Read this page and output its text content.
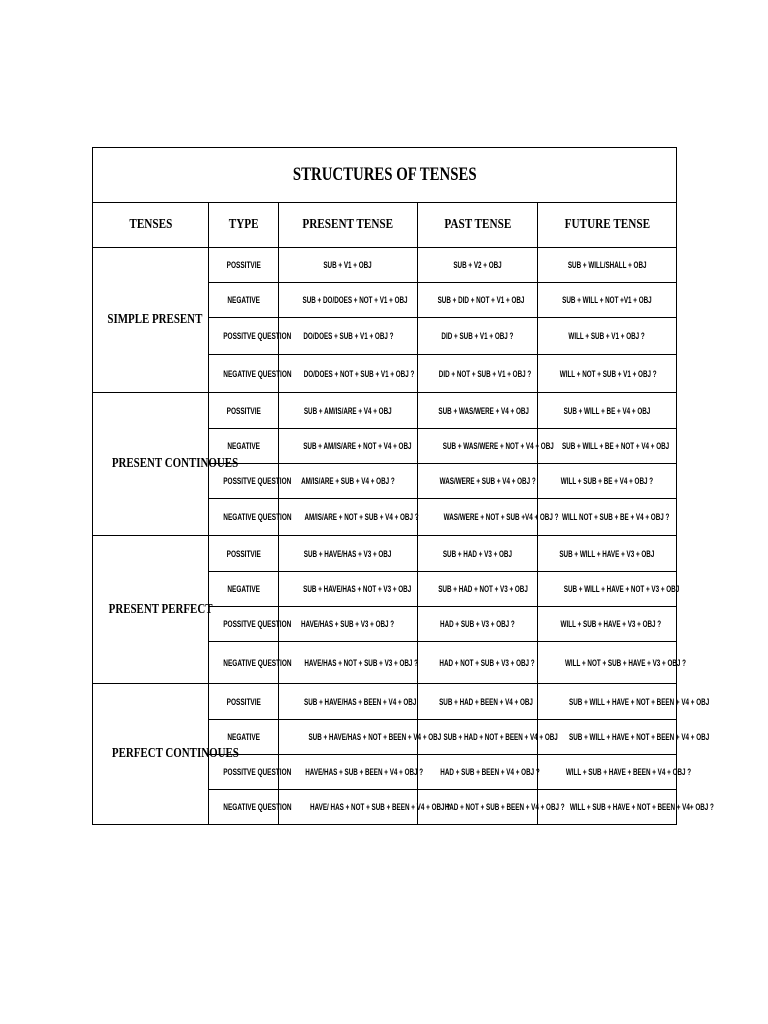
STRUCTURES OF TENSES				
TENSES	TYPE	PRESENT TENSE	PAST TENSE	FUTURE TENSE
SIMPLE PRESENT	POSSITVIE	SUB + V1 + OBJ	SUB + V2 + OBJ	SUB + WILL/SHALL + OBJ
	NEGATIVE	SUB + DO/DOES + NOT + V1 + OBJ	SUB + DID + NOT + V1 + OBJ	SUB + WILL + NOT +V1 + OBJ
	POSSITVE QUESTION	DO/DOES + SUB + V1 + OBJ ?	DID + SUB + V1 + OBJ ?	WILL + SUB + V1 + OBJ ?
	NEGATIVE QUESTION	DO/DOES + NOT + SUB + V1 + OBJ ?	DID + NOT + SUB + V1 + OBJ ?	WILL + NOT + SUB + V1 + OBJ ?
PRESENT CONTINOUES	POSSITVIE	SUB + AM/IS/ARE + V4 + OBJ	SUB + WAS/WERE + V4 + OBJ	SUB + WILL + BE + V4 + OBJ
	NEGATIVE	SUB + AM/IS/ARE + NOT + V4 + OBJ	SUB + WAS/WERE + NOT + V4 + OBJ	SUB + WILL + BE + NOT + V4 + OBJ
	POSSITVE QUESTION	AM/IS/ARE + SUB + V4 + OBJ ?	WAS/WERE + SUB + V4 + OBJ ?	WILL + SUB + BE + V4 + OBJ ?
	NEGATIVE QUESTION	AM/IS/ARE + NOT + SUB + V4 + OBJ ?	WAS/WERE + NOT + SUB +V4 + OBJ ?	WILL NOT + SUB + BE + V4 + OBJ ?
PRESENT PERFECT	POSSITVIE	SUB + HAVE/HAS + V3 + OBJ	SUB + HAD + V3 + OBJ	SUB + WILL + HAVE + V3 + OBJ
	NEGATIVE	SUB + HAVE/HAS + NOT + V3 + OBJ	SUB + HAD + NOT + V3 + OBJ	SUB + WILL + HAVE + NOT + V3 + OBJ
	POSSITVE QUESTION	HAVE/HAS + SUB + V3 + OBJ ?	HAD + SUB + V3 + OBJ ?	WILL + SUB + HAVE + V3 + OBJ ?
	NEGATIVE QUESTION	HAVE/HAS + NOT + SUB + V3 + OBJ ?	HAD + NOT + SUB + V3 + OBJ ?	WILL + NOT + SUB + HAVE + V3 + OBJ ?
PERFECT CONTINOUES	POSSITVIE	SUB + HAVE/HAS + BEEN + V4 + OBJ	SUB + HAD + BEEN + V4 + OBJ	SUB + WILL + HAVE + NOT + BEEN + V4 + OBJ
	NEGATIVE	SUB + HAVE/HAS + NOT + BEEN + V4 + OBJ	SUB + HAD + NOT + BEEN + V4 + OBJ	SUB + WILL + HAVE + NOT + BEEN + V4 + OBJ
	POSSITVE QUESTION	HAVE/HAS + SUB + BEEN + V4 + OBJ ?	HAD + SUB + BEEN + V4 + OBJ ?	WILL + SUB + HAVE + BEEN + V4 + OBJ ?
	NEGATIVE QUESTION	HAVE/ HAS + NOT + SUB + BEEN + V4 + OBJ ?	HAD + NOT + SUB + BEEN + V4 + OBJ ?	WILL + SUB + HAVE + NOT + BEEN + V4+ OBJ ?
